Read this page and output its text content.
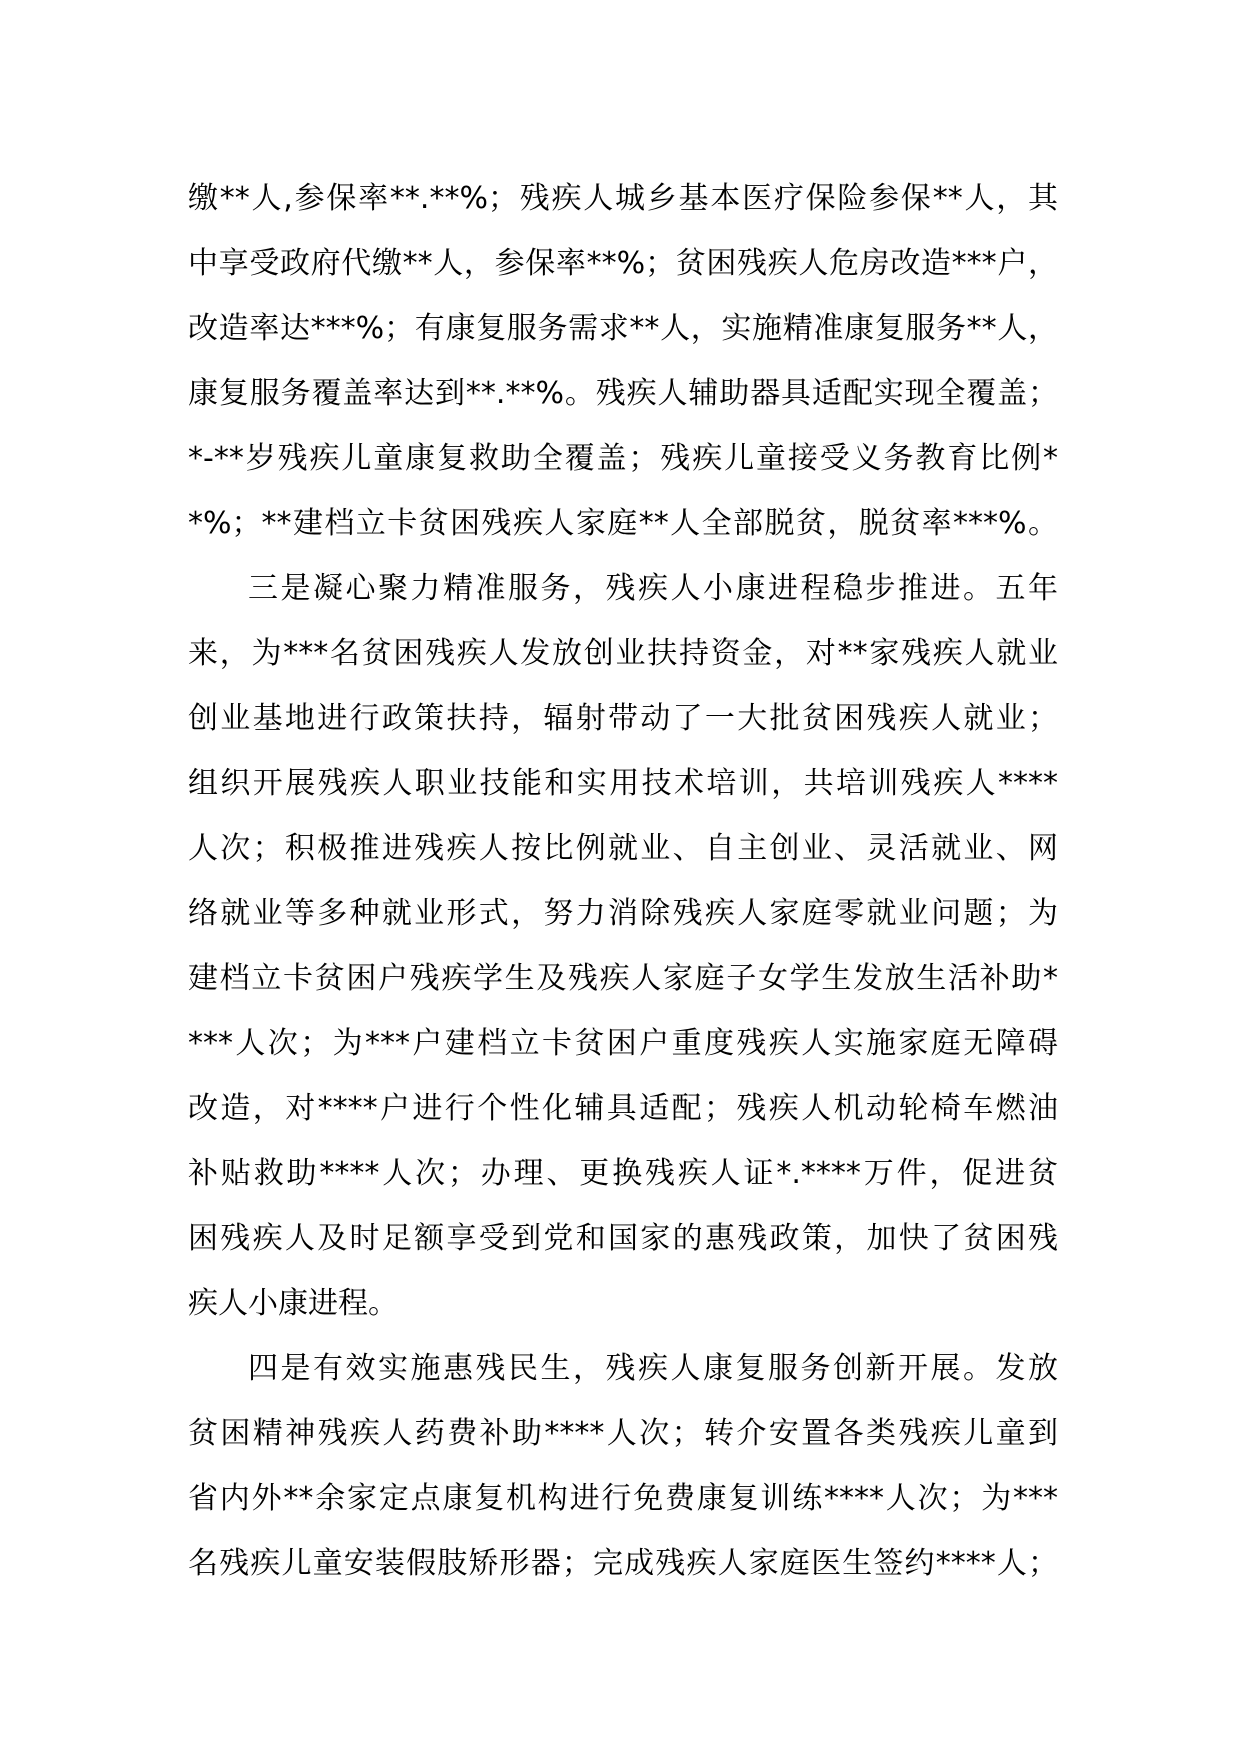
缴**人,参保率**.**%；残疾人城乡基本医疗保险参保**人，其
中享受政府代缴**人，参保率**%；贫困残疾人危房改造***户，
改造率达***%；有康复服务需求**人，实施精准康复服务**人，
康复服务覆盖率达到**.**%。残疾人辅助器具适配实现全覆盖；
*-**岁残疾儿童康复救助全覆盖；残疾儿童接受义务教育比例*
*%；**建档立卡贫困残疾人家庭**人全部脱贫，脱贫率***%。
三是凝心聚力精准服务，残疾人小康进程稳步推进。五年
来，为***名贫困残疾人发放创业扶持资金，对**家残疾人就业
创业基地进行政策扶持，辐射带动了一大批贫困残疾人就业；
组织开展残疾人职业技能和实用技术培训，共培训残疾人****
人次；积极推进残疾人按比例就业、自主创业、灵活就业、网
络就业等多种就业形式，努力消除残疾人家庭零就业问题；为
建档立卡贫困户残疾学生及残疾人家庭子女学生发放生活补助*
***人次；为***户建档立卡贫困户重度残疾人实施家庭无障碍
改造，对****户进行个性化辅具适配；残疾人机动轮椅车燃油
补贴救助****人次；办理、更换残疾人证*.****万件，促进贫
困残疾人及时足额享受到党和国家的惠残政策，加快了贫困残
疾人小康进程。
四是有效实施惠残民生，残疾人康复服务创新开展。发放
贫困精神残疾人药费补助****人次；转介安置各类残疾儿童到
省内外**余家定点康复机构进行免费康复训练****人次；为***
名残疾儿童安装假肢矫形器；完成残疾人家庭医生签约****人；
